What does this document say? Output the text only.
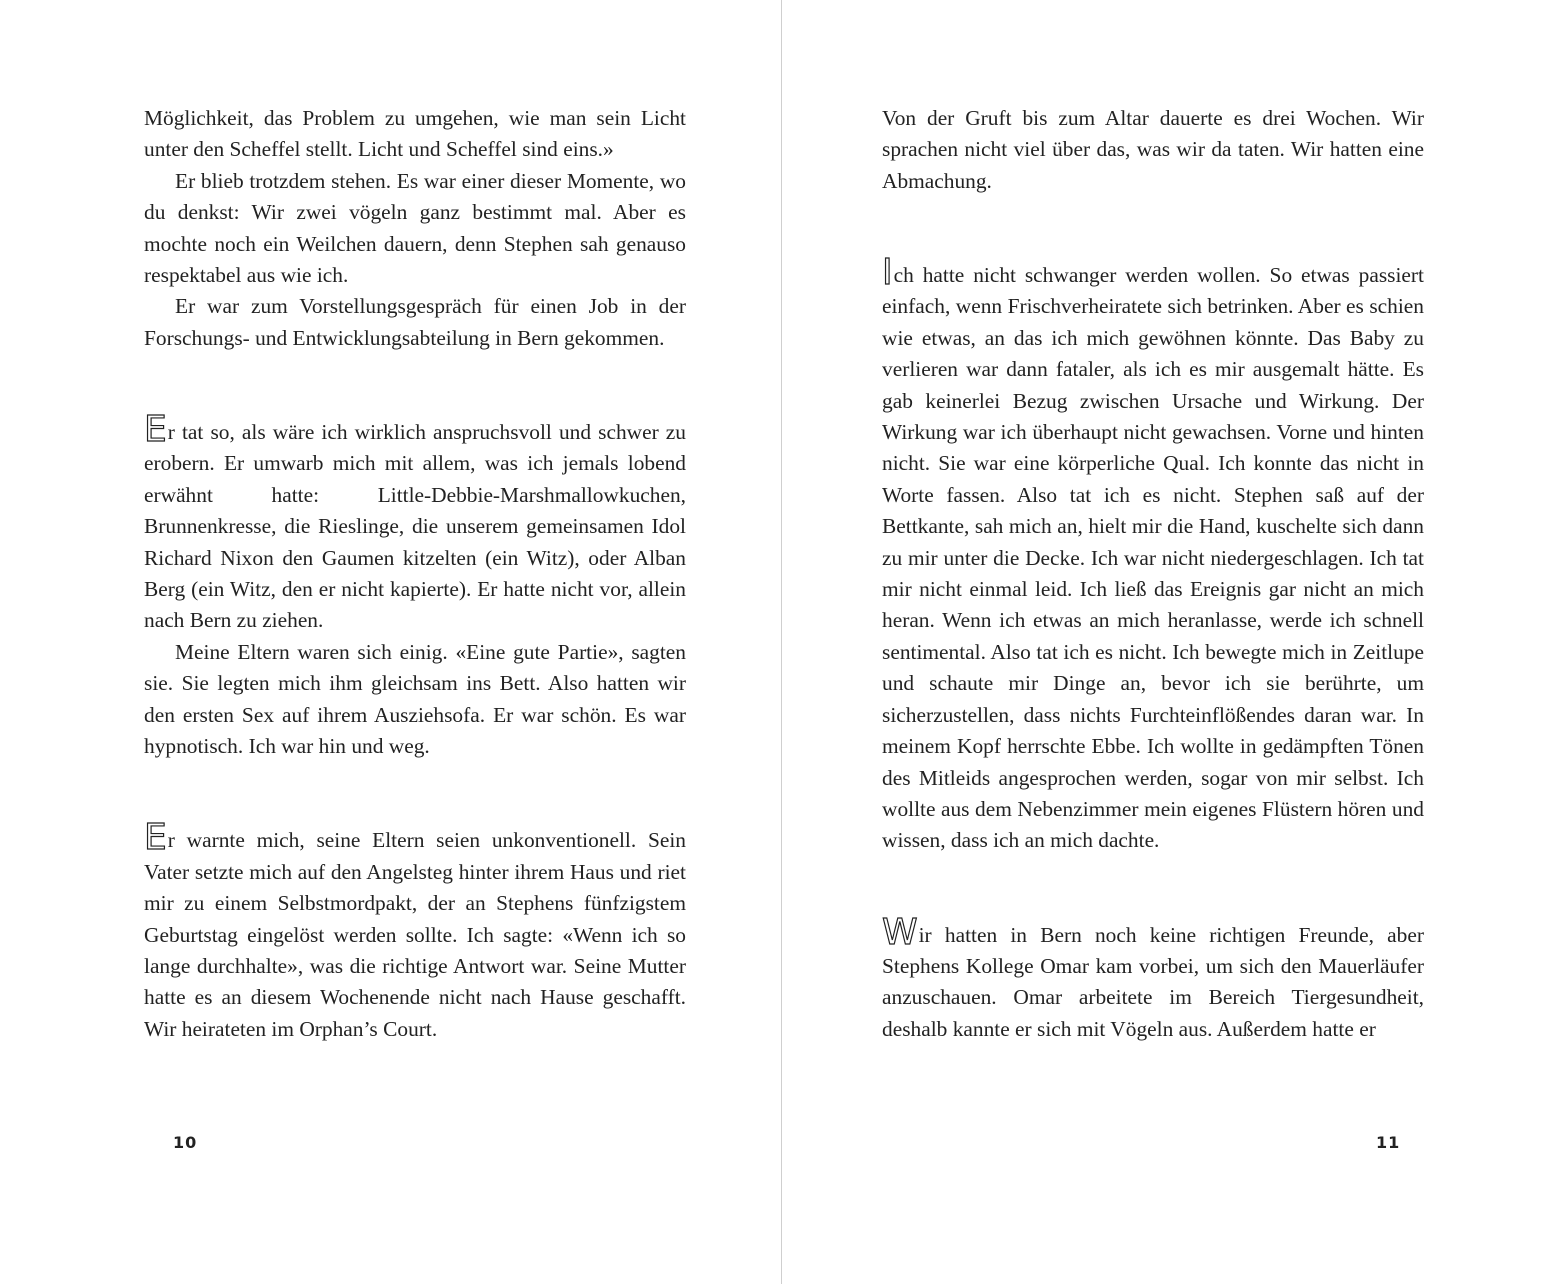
Möglichkeit, das Problem zu umgehen, wie man sein Licht unter den Scheffel stellt. Licht und Scheffel sind eins.»

Er blieb trotzdem stehen. Es war einer dieser Momente, wo du denkst: Wir zwei vögeln ganz bestimmt mal. Aber es mochte noch ein Weilchen dauern, denn Stephen sah genauso respektabel aus wie ich.

Er war zum Vorstellungsgespräch für einen Job in der Forschungs- und Entwicklungsabteilung in Bern gekommen.

Er tat so, als wäre ich wirklich anspruchsvoll und schwer zu erobern. Er umwarb mich mit allem, was ich jemals lobend erwähnt hatte: Little-Debbie-Marshmallowkuchen, Brunnenkresse, die Rieslinge, die unserem gemeinsamen Idol Richard Nixon den Gaumen kitzelten (ein Witz), oder Alban Berg (ein Witz, den er nicht kapierte). Er hatte nicht vor, allein nach Bern zu ziehen.

Meine Eltern waren sich einig. «Eine gute Partie», sagten sie. Sie legten mich ihm gleichsam ins Bett. Also hatten wir den ersten Sex auf ihrem Ausziehsofa. Er war schön. Es war hypnotisch. Ich war hin und weg.

Er warnte mich, seine Eltern seien unkonventionell. Sein Vater setzte mich auf den Angelsteg hinter ihrem Haus und riet mir zu einem Selbstmordpakt, der an Stephens fünfzigstem Geburtstag eingelöst werden sollte. Ich sagte: «Wenn ich so lange durchhalte», was die richtige Antwort war. Seine Mutter hatte es an diesem Wochenende nicht nach Hause geschafft. Wir heirateten im Orphan’s Court.

10

Von der Gruft bis zum Altar dauerte es drei Wochen. Wir sprachen nicht viel über das, was wir da taten. Wir hatten eine Abmachung.

Ich hatte nicht schwanger werden wollen. So etwas passiert einfach, wenn Frischverheiratete sich betrinken. Aber es schien wie etwas, an das ich mich gewöhnen könnte. Das Baby zu verlieren war dann fataler, als ich es mir ausgemalt hätte. Es gab keinerlei Bezug zwischen Ursache und Wirkung. Der Wirkung war ich überhaupt nicht gewachsen. Vorne und hinten nicht. Sie war eine körperliche Qual. Ich konnte das nicht in Worte fassen. Also tat ich es nicht. Stephen saß auf der Bettkante, sah mich an, hielt mir die Hand, kuschelte sich dann zu mir unter die Decke. Ich war nicht niedergeschlagen. Ich tat mir nicht einmal leid. Ich ließ das Ereignis gar nicht an mich heran. Wenn ich etwas an mich heranlasse, werde ich schnell sentimental. Also tat ich es nicht. Ich bewegte mich in Zeitlupe und schaute mir Dinge an, bevor ich sie berührte, um sicherzustellen, dass nichts Furchteinflößendes daran war. In meinem Kopf herrschte Ebbe. Ich wollte in gedämpften Tönen des Mitleids angesprochen werden, sogar von mir selbst. Ich wollte aus dem Nebenzimmer mein eigenes Flüstern hören und wissen, dass ich an mich dachte.

Wir hatten in Bern noch keine richtigen Freunde, aber Stephens Kollege Omar kam vorbei, um sich den Mauerläufer anzuschauen. Omar arbeitete im Bereich Tiergesundheit, deshalb kannte er sich mit Vögeln aus. Außerdem hatte er

11
